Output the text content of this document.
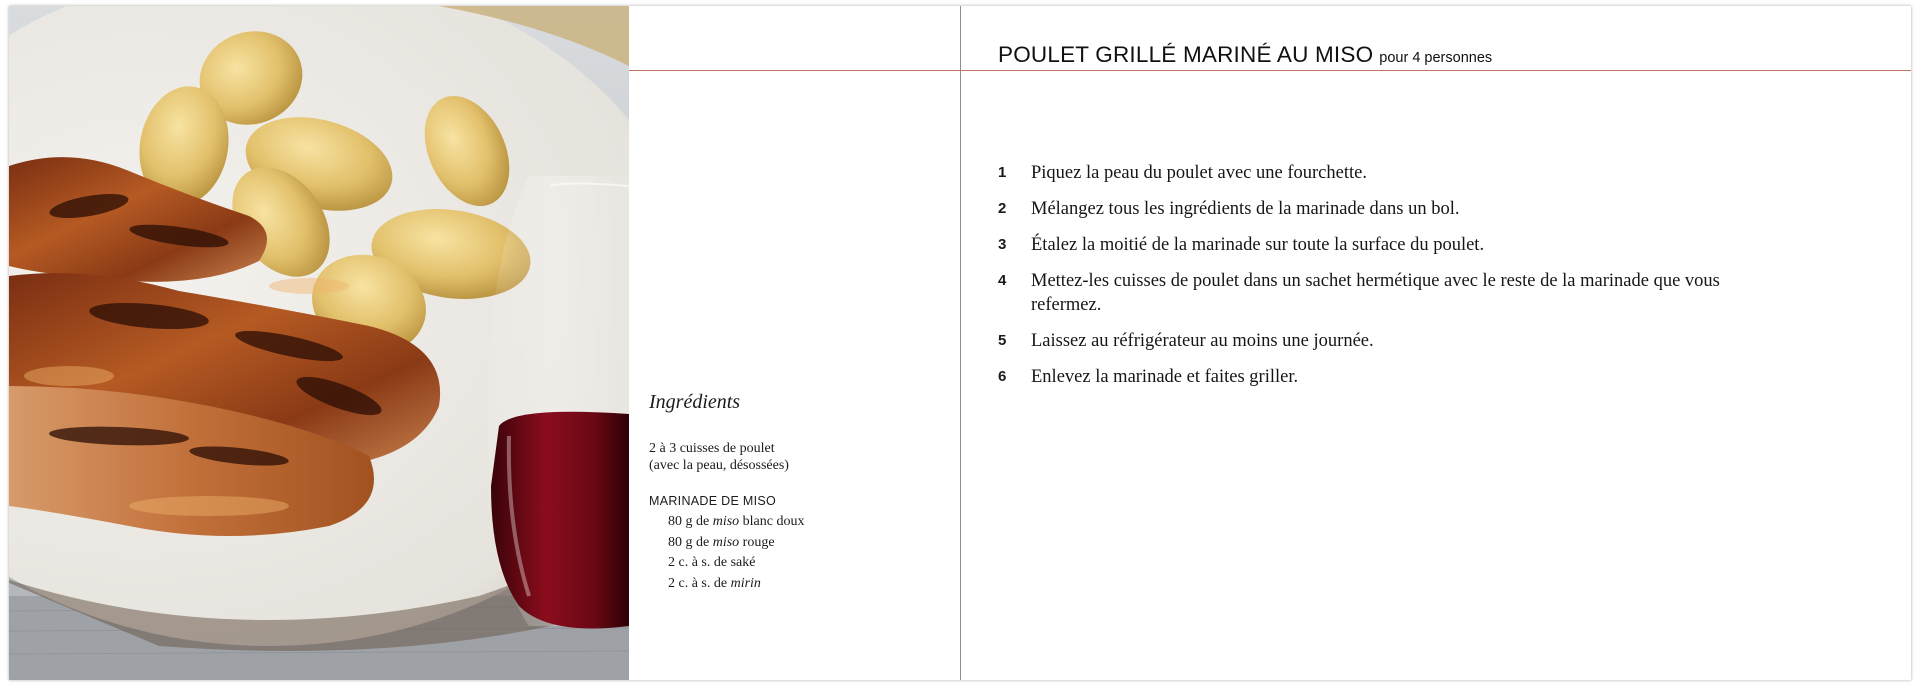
Ingrédients

2 à 3 cuisses de poulet

(avec la peau, désossées)

MARINADE DE MISO

80 g de miso blanc doux
80 g de miso rouge
2 c. à s. de saké
2 c. à s. de mirin
POULET GRILLÉ MARINÉ AU MISO pour 4 personnes
1	Piquez la peau du poulet avec une fourchette.
2	Mélangez tous les ingrédients de la marinade dans un bol.
3	Étalez la moitié de la marinade sur toute la surface du poulet.
4	Mettez-les cuisses de poulet dans un sachet hermétique avec le reste de la marinade que vous refermez.
5	Laissez au réfrigérateur au moins une journée.
6	Enlevez la marinade et faites griller.
